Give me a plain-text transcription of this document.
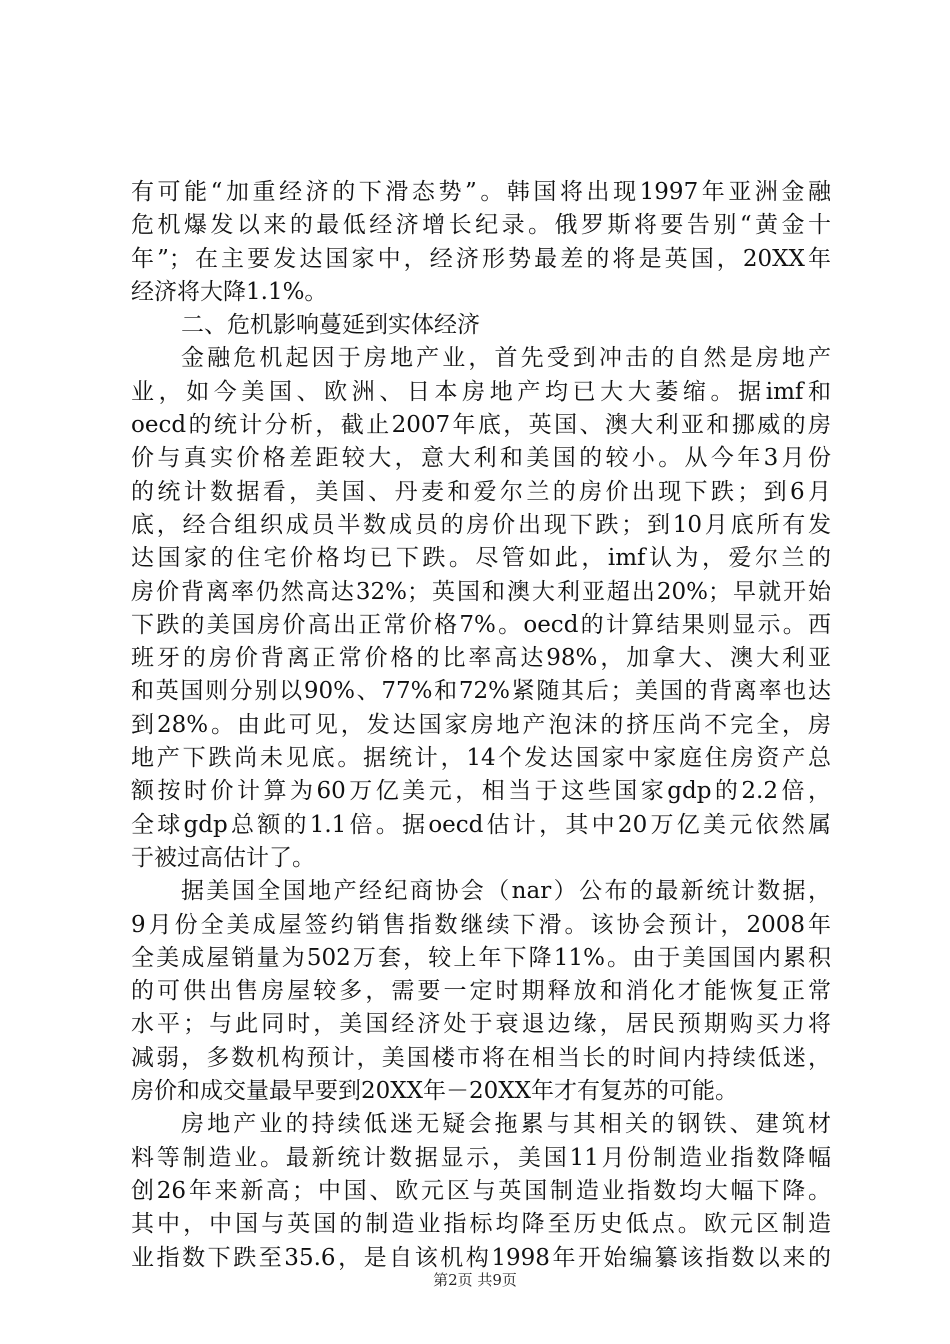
有可能“加重经济的下滑态势”。韩国将出现1997年亚洲金融
危机爆发以来的最低经济增长纪录。俄罗斯将要告别“黄金十
年”；在主要发达国家中，经济形势最差的将是英国，20XX年
经济将大降1.1%。
二、危机影响蔓延到实体经济
金融危机起因于房地产业，首先受到冲击的自然是房地产
业，如今美国、欧洲、日本房地产均已大大萎缩。据imf和
oecd的统计分析，截止2007年底，英国、澳大利亚和挪威的房
价与真实价格差距较大，意大利和美国的较小。从今年3月份
的统计数据看，美国、丹麦和爱尔兰的房价出现下跌；到6月
底，经合组织成员半数成员的房价出现下跌；到10月底所有发
达国家的住宅价格均已下跌。尽管如此，imf认为，爱尔兰的
房价背离率仍然高达32%；英国和澳大利亚超出20%；早就开始
下跌的美国房价高出正常价格7%。oecd的计算结果则显示。西
班牙的房价背离正常价格的比率高达98%，加拿大、澳大利亚
和英国则分别以90%、77%和72%紧随其后；美国的背离率也达
到28%。由此可见，发达国家房地产泡沫的挤压尚不完全，房
地产下跌尚未见底。据统计，14个发达国家中家庭住房资产总
额按时价计算为60万亿美元，相当于这些国家gdp的2.2倍，
全球gdp总额的1.1倍。据oecd估计，其中20万亿美元依然属
于被过高估计了。
据美国全国地产经纪商协会（nar）公布的最新统计数据，
9月份全美成屋签约销售指数继续下滑。该协会预计，2008年
全美成屋销量为502万套，较上年下降11%。由于美国国内累积
的可供出售房屋较多，需要一定时期释放和消化才能恢复正常
水平；与此同时，美国经济处于衰退边缘，居民预期购买力将
减弱，多数机构预计，美国楼市将在相当长的时间内持续低迷，
房价和成交量最早要到20XX年－20XX年才有复苏的可能。
房地产业的持续低迷无疑会拖累与其相关的钢铁、建筑材
料等制造业。最新统计数据显示，美国11月份制造业指数降幅
创26年来新高；中国、欧元区与英国制造业指数均大幅下降。
其中，中国与英国的制造业指标均降至历史低点。欧元区制造
业指数下跌至35.6，是自该机构1998年开始编纂该指数以来的
第2页 共9页
